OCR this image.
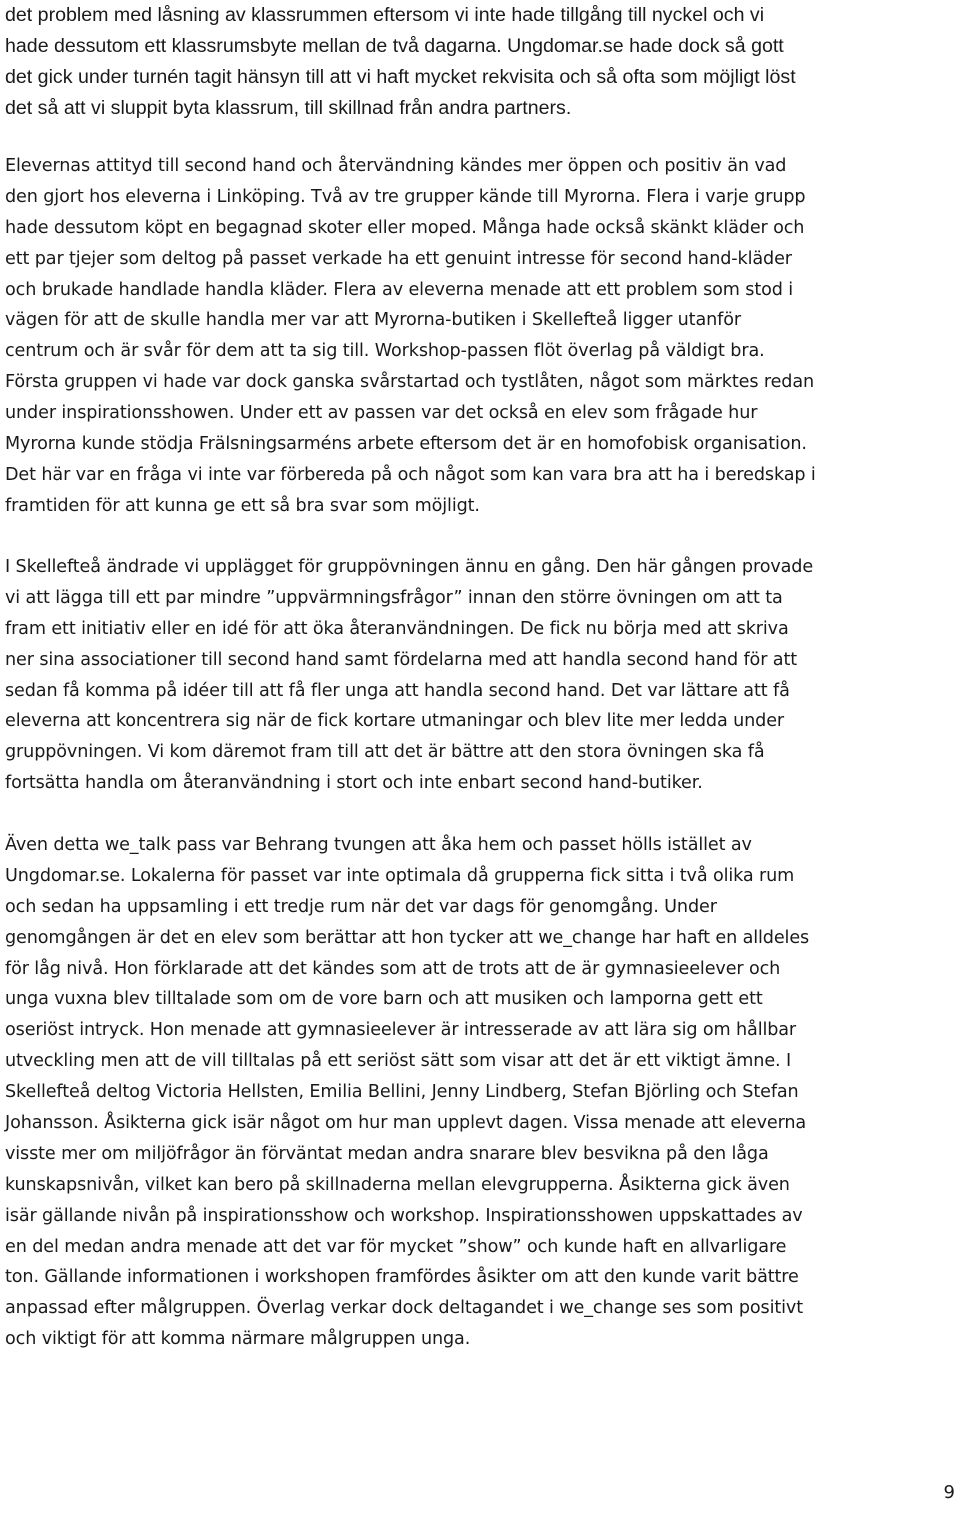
det problem med låsning av klassrummen eftersom vi inte hade tillgång till nyckel och vi
hade dessutom ett klassrumsbyte mellan de två dagarna. Ungdomar.se hade dock så gott
det gick under turnén tagit hänsyn till att vi haft mycket rekvisita och så ofta som möjligt löst
det så att vi sluppit byta klassrum, till skillnad från andra partners.
Elevernas attityd till second hand och återvändning kändes mer öppen och positiv än vad
den gjort hos eleverna i Linköping. Två av tre grupper kände till Myrorna. Flera i varje grupp
hade dessutom köpt en begagnad skoter eller moped. Många hade också skänkt kläder och
ett par tjejer som deltog på passet verkade ha ett genuint intresse för second hand-kläder
och brukade handlade handla kläder. Flera av eleverna menade att ett problem som stod i
vägen för att de skulle handla mer var att Myrorna-butiken i Skellefteå ligger utanför
centrum och är svår för dem att ta sig till. Workshop-passen flöt överlag på väldigt bra.
Första gruppen vi hade var dock ganska svårstartad och tystlåten, något som märktes redan
under inspirationsshowen. Under ett av passen var det också en elev som frågade hur
Myrorna kunde stödja Frälsningsarméns arbete eftersom det är en homofobisk organisation.
Det här var en fråga vi inte var förbereda på och något som kan vara bra att ha i beredskap i
framtiden för att kunna ge ett så bra svar som möjligt.
I Skellefteå ändrade vi upplägget för gruppövningen ännu en gång. Den här gången provade
vi att lägga till ett par mindre ”uppvärmningsfrågor” innan den större övningen om att ta
fram ett initiativ eller en idé för att öka återanvändningen. De fick nu börja med att skriva
ner sina associationer till second hand samt fördelarna med att handla second hand för att
sedan få komma på idéer till att få fler unga att handla second hand. Det var lättare att få
eleverna att koncentrera sig när de fick kortare utmaningar och blev lite mer ledda under
gruppövningen. Vi kom däremot fram till att det är bättre att den stora övningen ska få
fortsätta handla om återanvändning i stort och inte enbart second hand-butiker.
Även detta we_talk pass var Behrang tvungen att åka hem och passet hölls istället av
Ungdomar.se. Lokalerna för passet var inte optimala då grupperna fick sitta i två olika rum
och sedan ha uppsamling i ett tredje rum när det var dags för genomgång. Under
genomgången är det en elev som berättar att hon tycker att we_change har haft en alldeles
för låg nivå. Hon förklarade att det kändes som att de trots att de är gymnasieelever och
unga vuxna blev tilltalade som om de vore barn och att musiken och lamporna gett ett
oseriöst intryck. Hon menade att gymnasieelever är intresserade av att lära sig om hållbar
utveckling men att de vill tilltalas på ett seriöst sätt som visar att det är ett viktigt ämne. I
Skellefteå deltog Victoria Hellsten, Emilia Bellini, Jenny Lindberg, Stefan Björling och Stefan
Johansson. Åsikterna gick isär något om hur man upplevt dagen. Vissa menade att eleverna
visste mer om miljöfrågor än förväntat medan andra snarare blev besvikna på den låga
kunskapsnivån, vilket kan bero på skillnaderna mellan elevgrupperna. Åsikterna gick även
isär gällande nivån på inspirationsshow och workshop. Inspirationsshowen uppskattades av
en del medan andra menade att det var för mycket ”show” och kunde haft en allvarligare
ton. Gällande informationen i workshopen framfördes åsikter om att den kunde varit bättre
anpassad efter målgruppen. Överlag verkar dock deltagandet i we_change ses som positivt
och viktigt för att komma närmare målgruppen unga.
9
